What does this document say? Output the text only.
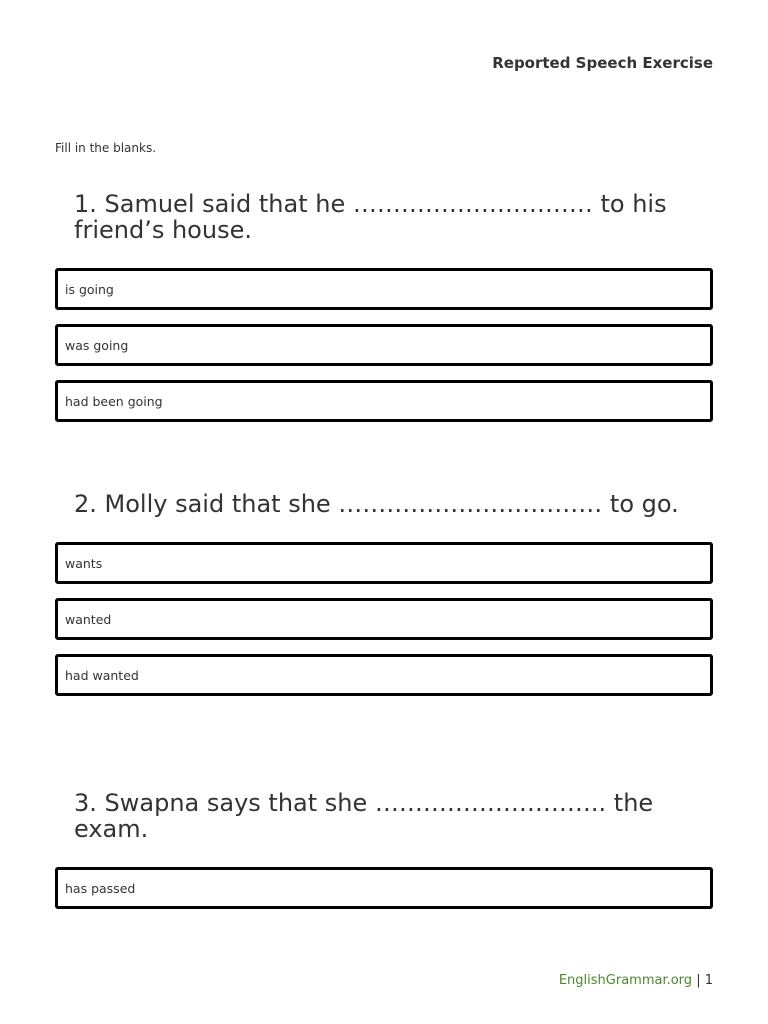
Reported Speech Exercise
Fill in the blanks.
1. Samuel said that he ………………………… to his friend’s house.
is going
was going
had been going
2. Molly said that she …………………………… to go.
wants
wanted
had wanted
3. Swapna says that she ……………………….. the exam.
has passed
EnglishGrammar.org | 1
